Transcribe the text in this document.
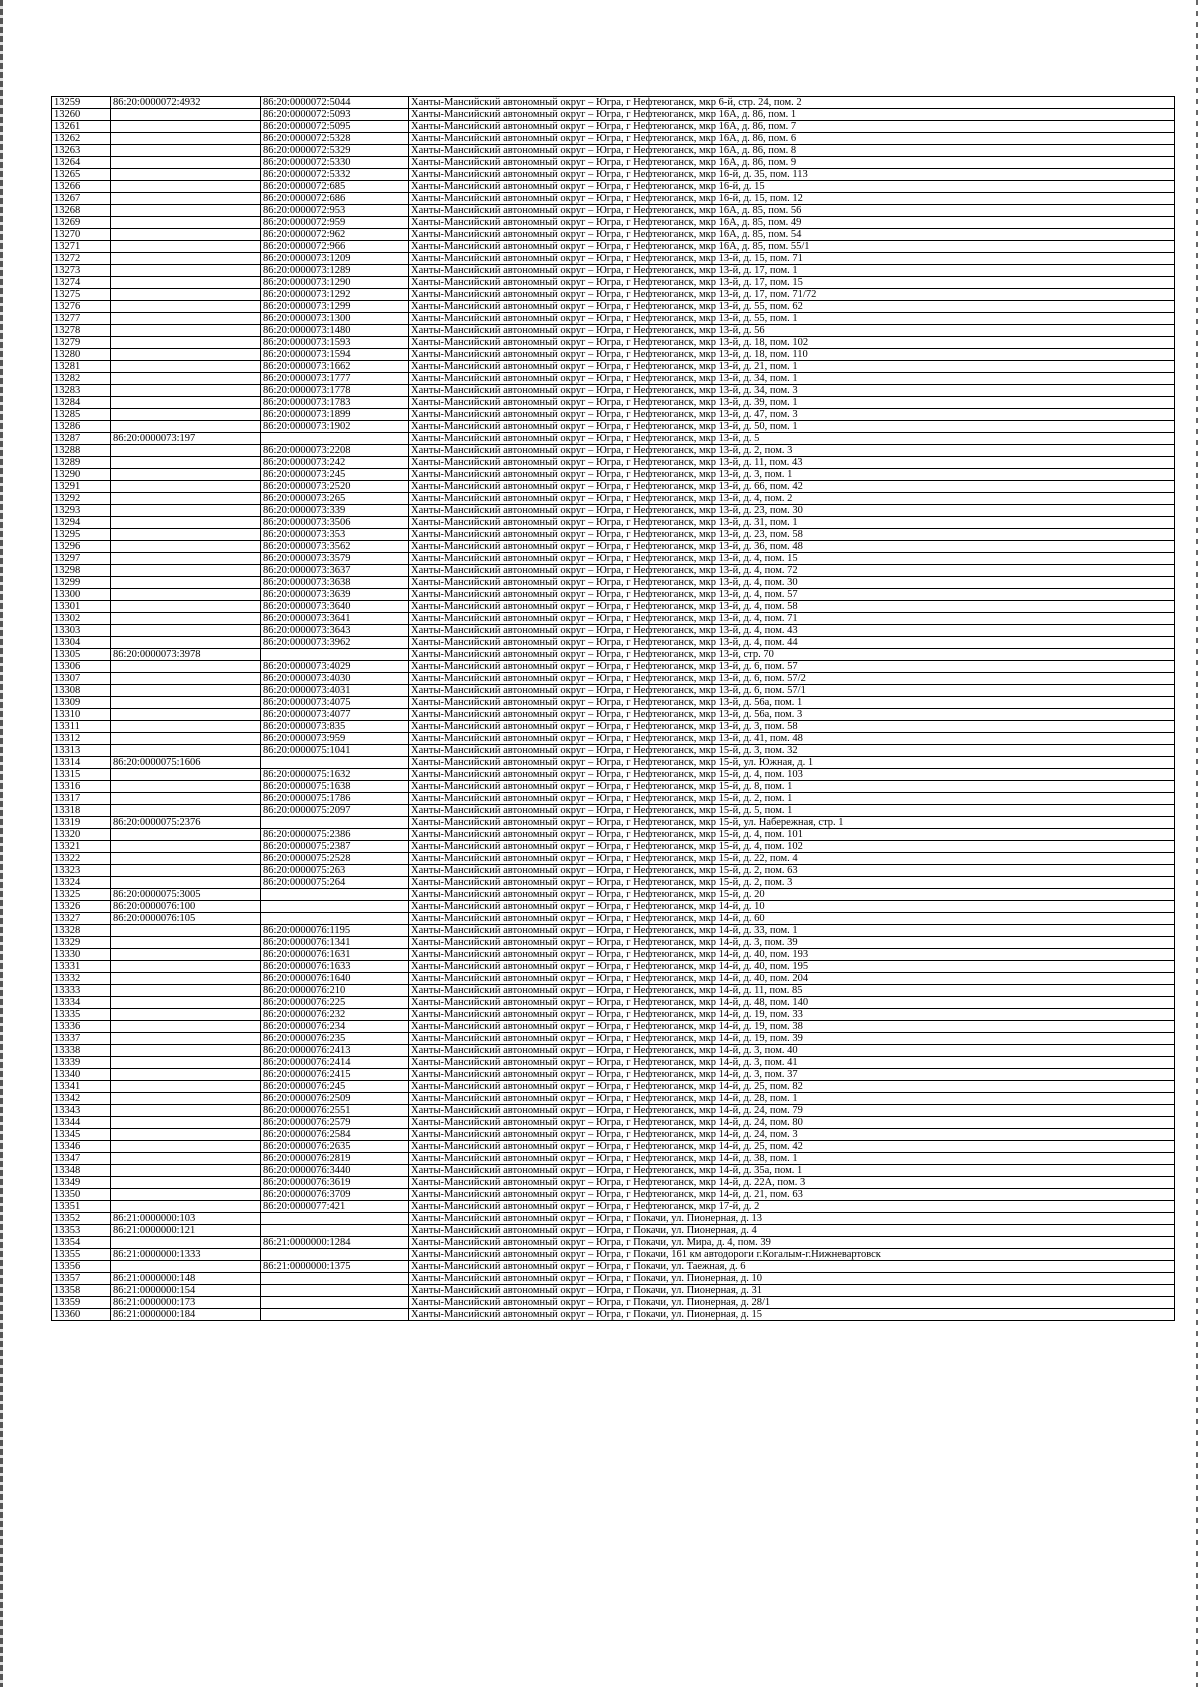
13259	86:20:0000072:4932	86:20:0000072:5044	Ханты-Мансийский автономный округ – Югра, г Нефтеюганск, мкр 6-й, стр. 24, пом. 2
13260		86:20:0000072:5093	Ханты-Мансийский автономный округ – Югра, г Нефтеюганск, мкр 16А, д. 86, пом. 1
13261		86:20:0000072:5095	Ханты-Мансийский автономный округ – Югра, г Нефтеюганск, мкр 16А, д. 86, пом. 7
13262		86:20:0000072:5328	Ханты-Мансийский автономный округ – Югра, г Нефтеюганск, мкр 16А, д. 86, пом. 6
13263		86:20:0000072:5329	Ханты-Мансийский автономный округ – Югра, г Нефтеюганск, мкр 16А, д. 86, пом. 8
13264		86:20:0000072:5330	Ханты-Мансийский автономный округ – Югра, г Нефтеюганск, мкр 16А, д. 86, пом. 9
13265		86:20:0000072:5332	Ханты-Мансийский автономный округ – Югра, г Нефтеюганск, мкр 16-й, д. 35, пом. 113
13266		86:20:0000072:685	Ханты-Мансийский автономный округ – Югра, г Нефтеюганск, мкр 16-й, д. 15
13267		86:20:0000072:686	Ханты-Мансийский автономный округ – Югра, г Нефтеюганск, мкр 16-й, д. 15, пом. 12
13268		86:20:0000072:953	Ханты-Мансийский автономный округ – Югра, г Нефтеюганск, мкр 16А, д. 85, пом. 56
13269		86:20:0000072:959	Ханты-Мансийский автономный округ – Югра, г Нефтеюганск, мкр 16А, д. 85, пом. 49
13270		86:20:0000072:962	Ханты-Мансийский автономный округ – Югра, г Нефтеюганск, мкр 16А, д. 85, пом. 54
13271		86:20:0000072:966	Ханты-Мансийский автономный округ – Югра, г Нефтеюганск, мкр 16А, д. 85, пом. 55/1
13272		86:20:0000073:1209	Ханты-Мансийский автономный округ – Югра, г Нефтеюганск, мкр 13-й, д. 15, пом. 71
13273		86:20:0000073:1289	Ханты-Мансийский автономный округ – Югра, г Нефтеюганск, мкр 13-й, д. 17, пом. 1
13274		86:20:0000073:1290	Ханты-Мансийский автономный округ – Югра, г Нефтеюганск, мкр 13-й, д. 17, пом. 15
13275		86:20:0000073:1292	Ханты-Мансийский автономный округ – Югра, г Нефтеюганск, мкр 13-й, д. 17, пом. 71/72
13276		86:20:0000073:1299	Ханты-Мансийский автономный округ – Югра, г Нефтеюганск, мкр 13-й, д. 55, пом. 62
13277		86:20:0000073:1300	Ханты-Мансийский автономный округ – Югра, г Нефтеюганск, мкр 13-й, д. 55, пом. 1
13278		86:20:0000073:1480	Ханты-Мансийский автономный округ – Югра, г Нефтеюганск, мкр 13-й, д. 56
13279		86:20:0000073:1593	Ханты-Мансийский автономный округ – Югра, г Нефтеюганск, мкр 13-й, д. 18, пом. 102
13280		86:20:0000073:1594	Ханты-Мансийский автономный округ – Югра, г Нефтеюганск, мкр 13-й, д. 18, пом. 110
13281		86:20:0000073:1662	Ханты-Мансийский автономный округ – Югра, г Нефтеюганск, мкр 13-й, д. 21, пом. 1
13282		86:20:0000073:1777	Ханты-Мансийский автономный округ – Югра, г Нефтеюганск, мкр 13-й, д. 34, пом. 1
13283		86:20:0000073:1778	Ханты-Мансийский автономный округ – Югра, г Нефтеюганск, мкр 13-й, д. 34, пом. 3
13284		86:20:0000073:1783	Ханты-Мансийский автономный округ – Югра, г Нефтеюганск, мкр 13-й, д. 39, пом. 1
13285		86:20:0000073:1899	Ханты-Мансийский автономный округ – Югра, г Нефтеюганск, мкр 13-й, д. 47, пом. 3
13286		86:20:0000073:1902	Ханты-Мансийский автономный округ – Югра, г Нефтеюганск, мкр 13-й, д. 50, пом. 1
13287	86:20:0000073:197		Ханты-Мансийский автономный округ – Югра, г Нефтеюганск, мкр 13-й, д. 5
13288		86:20:0000073:2208	Ханты-Мансийский автономный округ – Югра, г Нефтеюганск, мкр 13-й, д. 2, пом. 3
13289		86:20:0000073:242	Ханты-Мансийский автономный округ – Югра, г Нефтеюганск, мкр 13-й, д. 11, пом. 43
13290		86:20:0000073:245	Ханты-Мансийский автономный округ – Югра, г Нефтеюганск, мкр 13-й, д. 3, пом. 1
13291		86:20:0000073:2520	Ханты-Мансийский автономный округ – Югра, г Нефтеюганск, мкр 13-й, д. 66, пом. 42
13292		86:20:0000073:265	Ханты-Мансийский автономный округ – Югра, г Нефтеюганск, мкр 13-й, д. 4, пом. 2
13293		86:20:0000073:339	Ханты-Мансийский автономный округ – Югра, г Нефтеюганск, мкр 13-й, д. 23, пом. 30
13294		86:20:0000073:3506	Ханты-Мансийский автономный округ – Югра, г Нефтеюганск, мкр 13-й, д. 31, пом. 1
13295		86:20:0000073:353	Ханты-Мансийский автономный округ – Югра, г Нефтеюганск, мкр 13-й, д. 23, пом. 58
13296		86:20:0000073:3562	Ханты-Мансийский автономный округ – Югра, г Нефтеюганск, мкр 13-й, д. 36, пом. 48
13297		86:20:0000073:3579	Ханты-Мансийский автономный округ – Югра, г Нефтеюганск, мкр 13-й, д. 4, пом. 15
13298		86:20:0000073:3637	Ханты-Мансийский автономный округ – Югра, г Нефтеюганск, мкр 13-й, д. 4, пом. 72
13299		86:20:0000073:3638	Ханты-Мансийский автономный округ – Югра, г Нефтеюганск, мкр 13-й, д. 4, пом. 30
13300		86:20:0000073:3639	Ханты-Мансийский автономный округ – Югра, г Нефтеюганск, мкр 13-й, д. 4, пом. 57
13301		86:20:0000073:3640	Ханты-Мансийский автономный округ – Югра, г Нефтеюганск, мкр 13-й, д. 4, пом. 58
13302		86:20:0000073:3641	Ханты-Мансийский автономный округ – Югра, г Нефтеюганск, мкр 13-й, д. 4, пом. 71
13303		86:20:0000073:3643	Ханты-Мансийский автономный округ – Югра, г Нефтеюганск, мкр 13-й, д. 4, пом. 43
13304		86:20:0000073:3962	Ханты-Мансийский автономный округ – Югра, г Нефтеюганск, мкр 13-й, д. 4, пом. 44
13305	86:20:0000073:3978		Ханты-Мансийский автономный округ – Югра, г Нефтеюганск, мкр 13-й, стр. 70
13306		86:20:0000073:4029	Ханты-Мансийский автономный округ – Югра, г Нефтеюганск, мкр 13-й, д. 6, пом. 57
13307		86:20:0000073:4030	Ханты-Мансийский автономный округ – Югра, г Нефтеюганск, мкр 13-й, д. 6, пом. 57/2
13308		86:20:0000073:4031	Ханты-Мансийский автономный округ – Югра, г Нефтеюганск, мкр 13-й, д. 6, пом. 57/1
13309		86:20:0000073:4075	Ханты-Мансийский автономный округ – Югра, г Нефтеюганск, мкр 13-й, д. 56а, пом. 1
13310		86:20:0000073:4077	Ханты-Мансийский автономный округ – Югра, г Нефтеюганск, мкр 13-й, д. 56а, пом. 3
13311		86:20:0000073:835	Ханты-Мансийский автономный округ – Югра, г Нефтеюганск, мкр 13-й, д. 3, пом. 58
13312		86:20:0000073:959	Ханты-Мансийский автономный округ – Югра, г Нефтеюганск, мкр 13-й, д. 41, пом. 48
13313		86:20:0000075:1041	Ханты-Мансийский автономный округ – Югра, г Нефтеюганск, мкр 15-й, д. 3, пом. 32
13314	86:20:0000075:1606		Ханты-Мансийский автономный округ – Югра, г Нефтеюганск, мкр 15-й, ул. Южная, д. 1
13315		86:20:0000075:1632	Ханты-Мансийский автономный округ – Югра, г Нефтеюганск, мкр 15-й, д. 4, пом. 103
13316		86:20:0000075:1638	Ханты-Мансийский автономный округ – Югра, г Нефтеюганск, мкр 15-й, д. 8, пом. 1
13317		86:20:0000075:1786	Ханты-Мансийский автономный округ – Югра, г Нефтеюганск, мкр 15-й, д. 2, пом. 1
13318		86:20:0000075:2097	Ханты-Мансийский автономный округ – Югра, г Нефтеюганск, мкр 15-й, д. 5, пом. 1
13319	86:20:0000075:2376		Ханты-Мансийский автономный округ – Югра, г Нефтеюганск, мкр 15-й, ул. Набережная, стр. 1
13320		86:20:0000075:2386	Ханты-Мансийский автономный округ – Югра, г Нефтеюганск, мкр 15-й, д. 4, пом. 101
13321		86:20:0000075:2387	Ханты-Мансийский автономный округ – Югра, г Нефтеюганск, мкр 15-й, д. 4, пом. 102
13322		86:20:0000075:2528	Ханты-Мансийский автономный округ – Югра, г Нефтеюганск, мкр 15-й, д. 22, пом. 4
13323		86:20:0000075:263	Ханты-Мансийский автономный округ – Югра, г Нефтеюганск, мкр 15-й, д. 2, пом. 63
13324		86:20:0000075:264	Ханты-Мансийский автономный округ – Югра, г Нефтеюганск, мкр 15-й, д. 2, пом. 3
13325	86:20:0000075:3005		Ханты-Мансийский автономный округ – Югра, г Нефтеюганск, мкр 15-й, д. 20
13326	86:20:0000076:100		Ханты-Мансийский автономный округ – Югра, г Нефтеюганск, мкр 14-й, д. 10
13327	86:20:0000076:105		Ханты-Мансийский автономный округ – Югра, г Нефтеюганск, мкр 14-й, д. 60
13328		86:20:0000076:1195	Ханты-Мансийский автономный округ – Югра, г Нефтеюганск, мкр 14-й, д. 33, пом. 1
13329		86:20:0000076:1341	Ханты-Мансийский автономный округ – Югра, г Нефтеюганск, мкр 14-й, д. 3, пом. 39
13330		86:20:0000076:1631	Ханты-Мансийский автономный округ – Югра, г Нефтеюганск, мкр 14-й, д. 40, пом. 193
13331		86:20:0000076:1633	Ханты-Мансийский автономный округ – Югра, г Нефтеюганск, мкр 14-й, д. 40, пом. 195
13332		86:20:0000076:1640	Ханты-Мансийский автономный округ – Югра, г Нефтеюганск, мкр 14-й, д. 40, пом. 204
13333		86:20:0000076:210	Ханты-Мансийский автономный округ – Югра, г Нефтеюганск, мкр 14-й, д. 11, пом. 85
13334		86:20:0000076:225	Ханты-Мансийский автономный округ – Югра, г Нефтеюганск, мкр 14-й, д. 48, пом. 140
13335		86:20:0000076:232	Ханты-Мансийский автономный округ – Югра, г Нефтеюганск, мкр 14-й, д. 19, пом. 33
13336		86:20:0000076:234	Ханты-Мансийский автономный округ – Югра, г Нефтеюганск, мкр 14-й, д. 19, пом. 38
13337		86:20:0000076:235	Ханты-Мансийский автономный округ – Югра, г Нефтеюганск, мкр 14-й, д. 19, пом. 39
13338		86:20:0000076:2413	Ханты-Мансийский автономный округ – Югра, г Нефтеюганск, мкр 14-й, д. 3, пом. 40
13339		86:20:0000076:2414	Ханты-Мансийский автономный округ – Югра, г Нефтеюганск, мкр 14-й, д. 3, пом. 41
13340		86:20:0000076:2415	Ханты-Мансийский автономный округ – Югра, г Нефтеюганск, мкр 14-й, д. 3, пом. 37
13341		86:20:0000076:245	Ханты-Мансийский автономный округ – Югра, г Нефтеюганск, мкр 14-й, д. 25, пом. 82
13342		86:20:0000076:2509	Ханты-Мансийский автономный округ – Югра, г Нефтеюганск, мкр 14-й, д. 28, пом. 1
13343		86:20:0000076:2551	Ханты-Мансийский автономный округ – Югра, г Нефтеюганск, мкр 14-й, д. 24, пом. 79
13344		86:20:0000076:2579	Ханты-Мансийский автономный округ – Югра, г Нефтеюганск, мкр 14-й, д. 24, пом. 80
13345		86:20:0000076:2584	Ханты-Мансийский автономный округ – Югра, г Нефтеюганск, мкр 14-й, д. 24, пом. 3
13346		86:20:0000076:2635	Ханты-Мансийский автономный округ – Югра, г Нефтеюганск, мкр 14-й, д. 25, пом. 42
13347		86:20:0000076:2819	Ханты-Мансийский автономный округ – Югра, г Нефтеюганск, мкр 14-й, д. 38, пом. 1
13348		86:20:0000076:3440	Ханты-Мансийский автономный округ – Югра, г Нефтеюганск, мкр 14-й, д. 35а, пом. 1
13349		86:20:0000076:3619	Ханты-Мансийский автономный округ – Югра, г Нефтеюганск, мкр 14-й, д. 22А, пом. 3
13350		86:20:0000076:3709	Ханты-Мансийский автономный округ – Югра, г Нефтеюганск, мкр 14-й, д. 21, пом. 63
13351		86:20:0000077:421	Ханты-Мансийский автономный округ – Югра, г Нефтеюганск, мкр 17-й, д. 2
13352	86:21:0000000:103		Ханты-Мансийский автономный округ – Югра, г Покачи, ул. Пионерная, д. 13
13353	86:21:0000000:121		Ханты-Мансийский автономный округ – Югра, г Покачи, ул. Пионерная, д. 4
13354		86:21:0000000:1284	Ханты-Мансийский автономный округ – Югра, г Покачи, ул. Мира, д. 4, пом. 39
13355	86:21:0000000:1333		Ханты-Мансийский автономный округ – Югра, г Покачи, 161 км автодороги г.Когалым-г.Нижневартовск
13356		86:21:0000000:1375	Ханты-Мансийский автономный округ – Югра, г Покачи, ул. Таежная, д. 6
13357	86:21:0000000:148		Ханты-Мансийский автономный округ – Югра, г Покачи, ул. Пионерная, д. 10
13358	86:21:0000000:154		Ханты-Мансийский автономный округ – Югра, г Покачи, ул. Пионерная, д. 31
13359	86:21:0000000:173		Ханты-Мансийский автономный округ – Югра, г Покачи, ул. Пионерная, д. 28/1
13360	86:21:0000000:184		Ханты-Мансийский автономный округ – Югра, г Покачи, ул. Пионерная, д. 15
